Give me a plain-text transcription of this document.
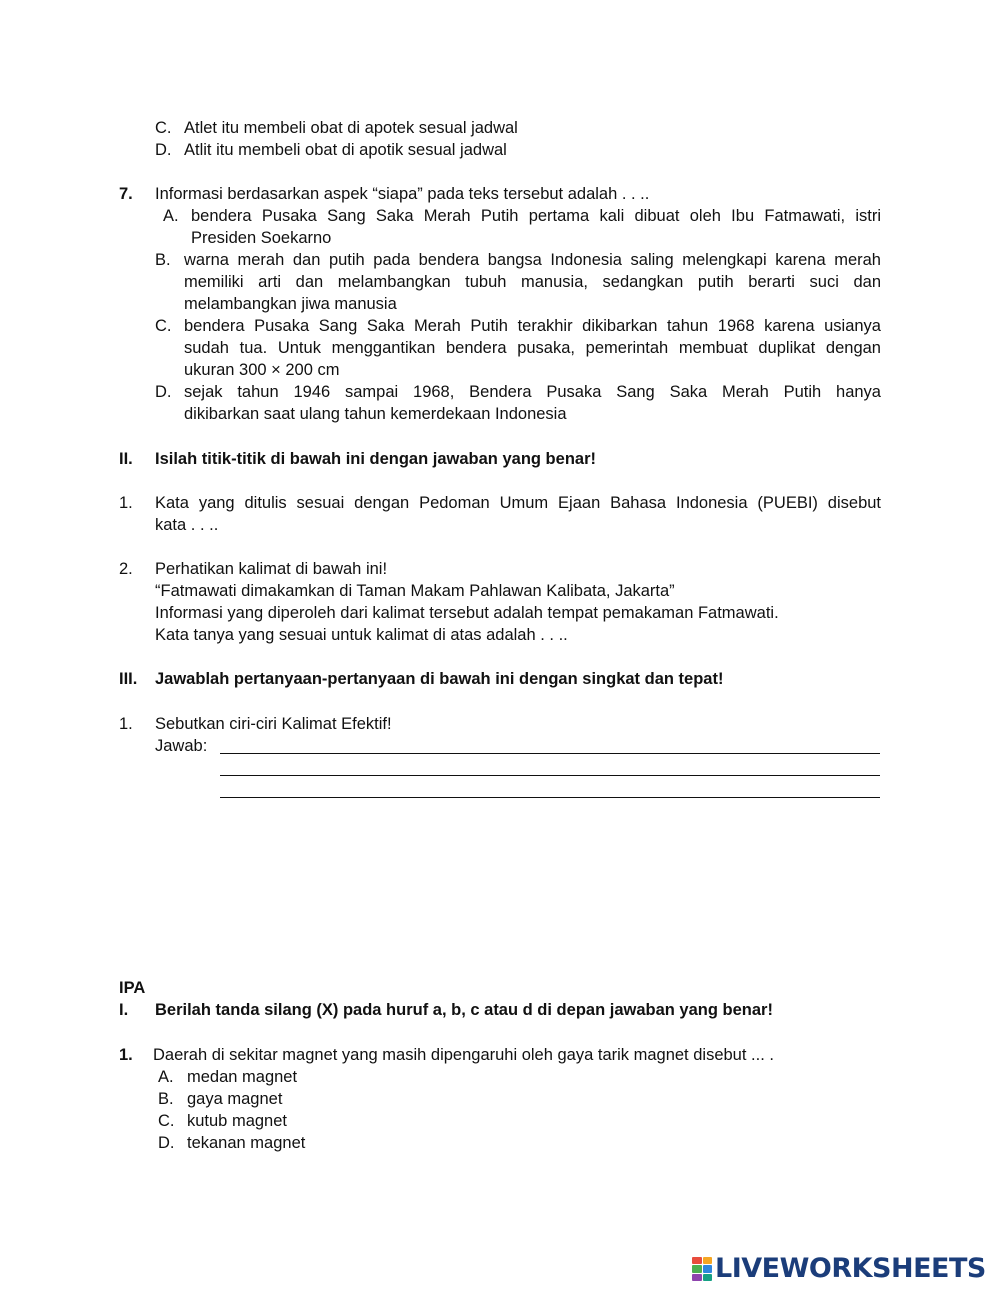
C. Atlet itu membeli obat di apotek sesual jadwal
D. Atlit itu membeli obat di apotik sesual jadwal
7. Informasi berdasarkan aspek “siapa” pada teks tersebut adalah . . ..
A. bendera Pusaka Sang Saka Merah Putih pertama kali dibuat oleh Ibu Fatmawati, istri
Presiden Soekarno
B. warna merah dan putih pada bendera bangsa Indonesia saling melengkapi karena merah
memiliki arti dan melambangkan tubuh manusia, sedangkan putih berarti suci dan
melambangkan jiwa manusia
C. bendera Pusaka Sang Saka Merah Putih terakhir dikibarkan tahun 1968 karena usianya
sudah tua. Untuk menggantikan bendera pusaka, pemerintah membuat duplikat dengan
ukuran 300 × 200 cm
D. sejak tahun 1946 sampai 1968, Bendera Pusaka Sang Saka Merah Putih hanya
dikibarkan saat ulang tahun kemerdekaan Indonesia
II. Isilah titik-titik di bawah ini dengan jawaban yang benar!
1. Kata yang ditulis sesuai dengan Pedoman Umum Ejaan Bahasa Indonesia (PUEBI) disebut
kata . . ..
2. Perhatikan kalimat di bawah ini!
“Fatmawati dimakamkan di Taman Makam Pahlawan Kalibata, Jakarta”
Informasi yang diperoleh dari kalimat tersebut adalah tempat pemakaman Fatmawati.
Kata tanya yang sesuai untuk kalimat di atas adalah . . ..
III. Jawablah pertanyaan-pertanyaan di bawah ini dengan singkat dan tepat!
1. Sebutkan ciri-ciri Kalimat Efektif!
Jawab:
IPA
I. Berilah tanda silang (X) pada huruf a, b, c atau d di depan jawaban yang benar!
1. Daerah di sekitar magnet yang masih dipengaruhi oleh gaya tarik magnet disebut ... .
A. medan magnet
B. gaya magnet
C. kutub magnet
D. tekanan magnet
LIVEWORKSHEETS
